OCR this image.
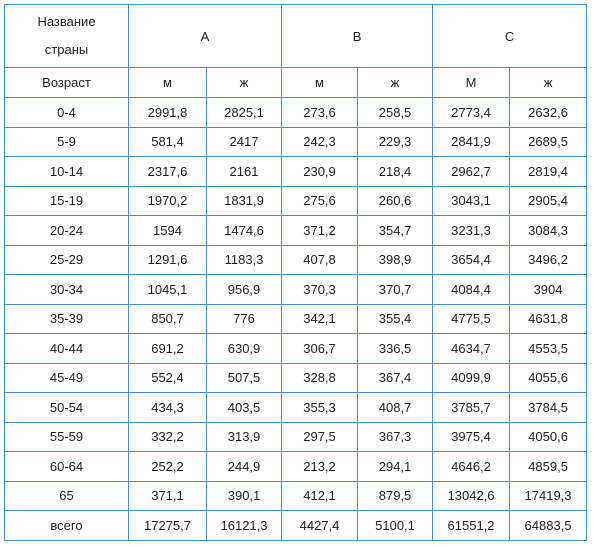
Название
страны	A		B		C	
Возраст	м	ж	м	ж	М	ж
0-4	2991,8	2825,1	273,6	258,5	2773,4	2632,6
5-9	581,4	2417	242,3	229,3	2841,9	2689,5
10-14	2317,6	2161	230,9	218,4	2962,7	2819,4
15-19	1970,2	1831,9	275,6	260,6	3043,1	2905,4
20-24	1594	1474,6	371,2	354,7	3231,3	3084,3
25-29	1291,6	1183,3	407,8	398,9	3654,4	3496,2
30-34	1045,1	956,9	370,3	370,7	4084,4	3904
35-39	850,7	776	342,1	355,4	4775,5	4631,8
40-44	691,2	630,9	306,7	336,5	4634,7	4553,5
45-49	552,4	507,5	328,8	367,4	4099,9	4055,6
50-54	434,3	403,5	355,3	408,7	3785,7	3784,5
55-59	332,2	313,9	297,5	367,3	3975,4	4050,6
60-64	252,2	244,9	213,2	294,1	4646,2	4859,5
65	371,1	390,1	412,1	879,5	13042,6	17419,3
всего	17275,7	16121,3	4427,4	5100,1	61551,2	64883,5
